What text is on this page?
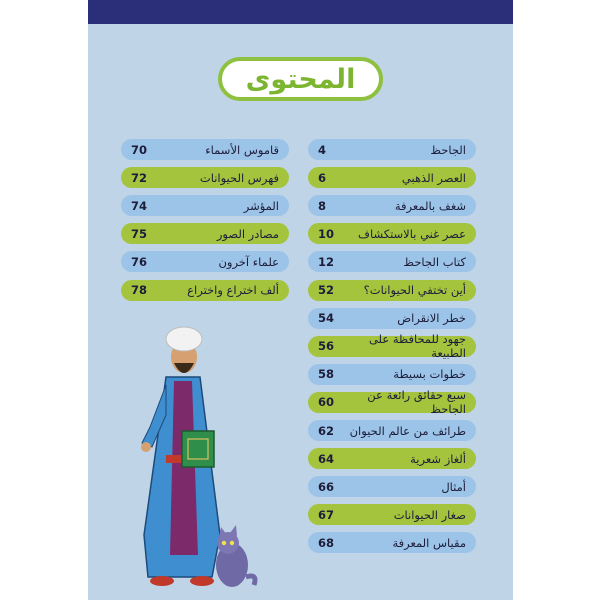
المحتوى
الجاحظ
4
العصر الذهبي
6
شغف بالمعرفة
8
عصر غني بالاستكشاف
10
كتاب الجاحظ
12
أين تختفي الحيوانات؟
52
خطر الانقراض
54
جهود للمحافظة على الطبيعة
56
خطوات بسيطة
58
سبع حقائق رائعة عن الجاحظ
60
طرائف من عالم الحيوان
62
ألغاز شعرية
64
أمثال
66
صغار الحيوانات
67
مقياس المعرفة
68
قاموس الأسماء
70
فهرس الحيوانات
72
المؤشر
74
مصادر الصور
75
علماء آخرون
76
ألف اختراع واختراع
78
